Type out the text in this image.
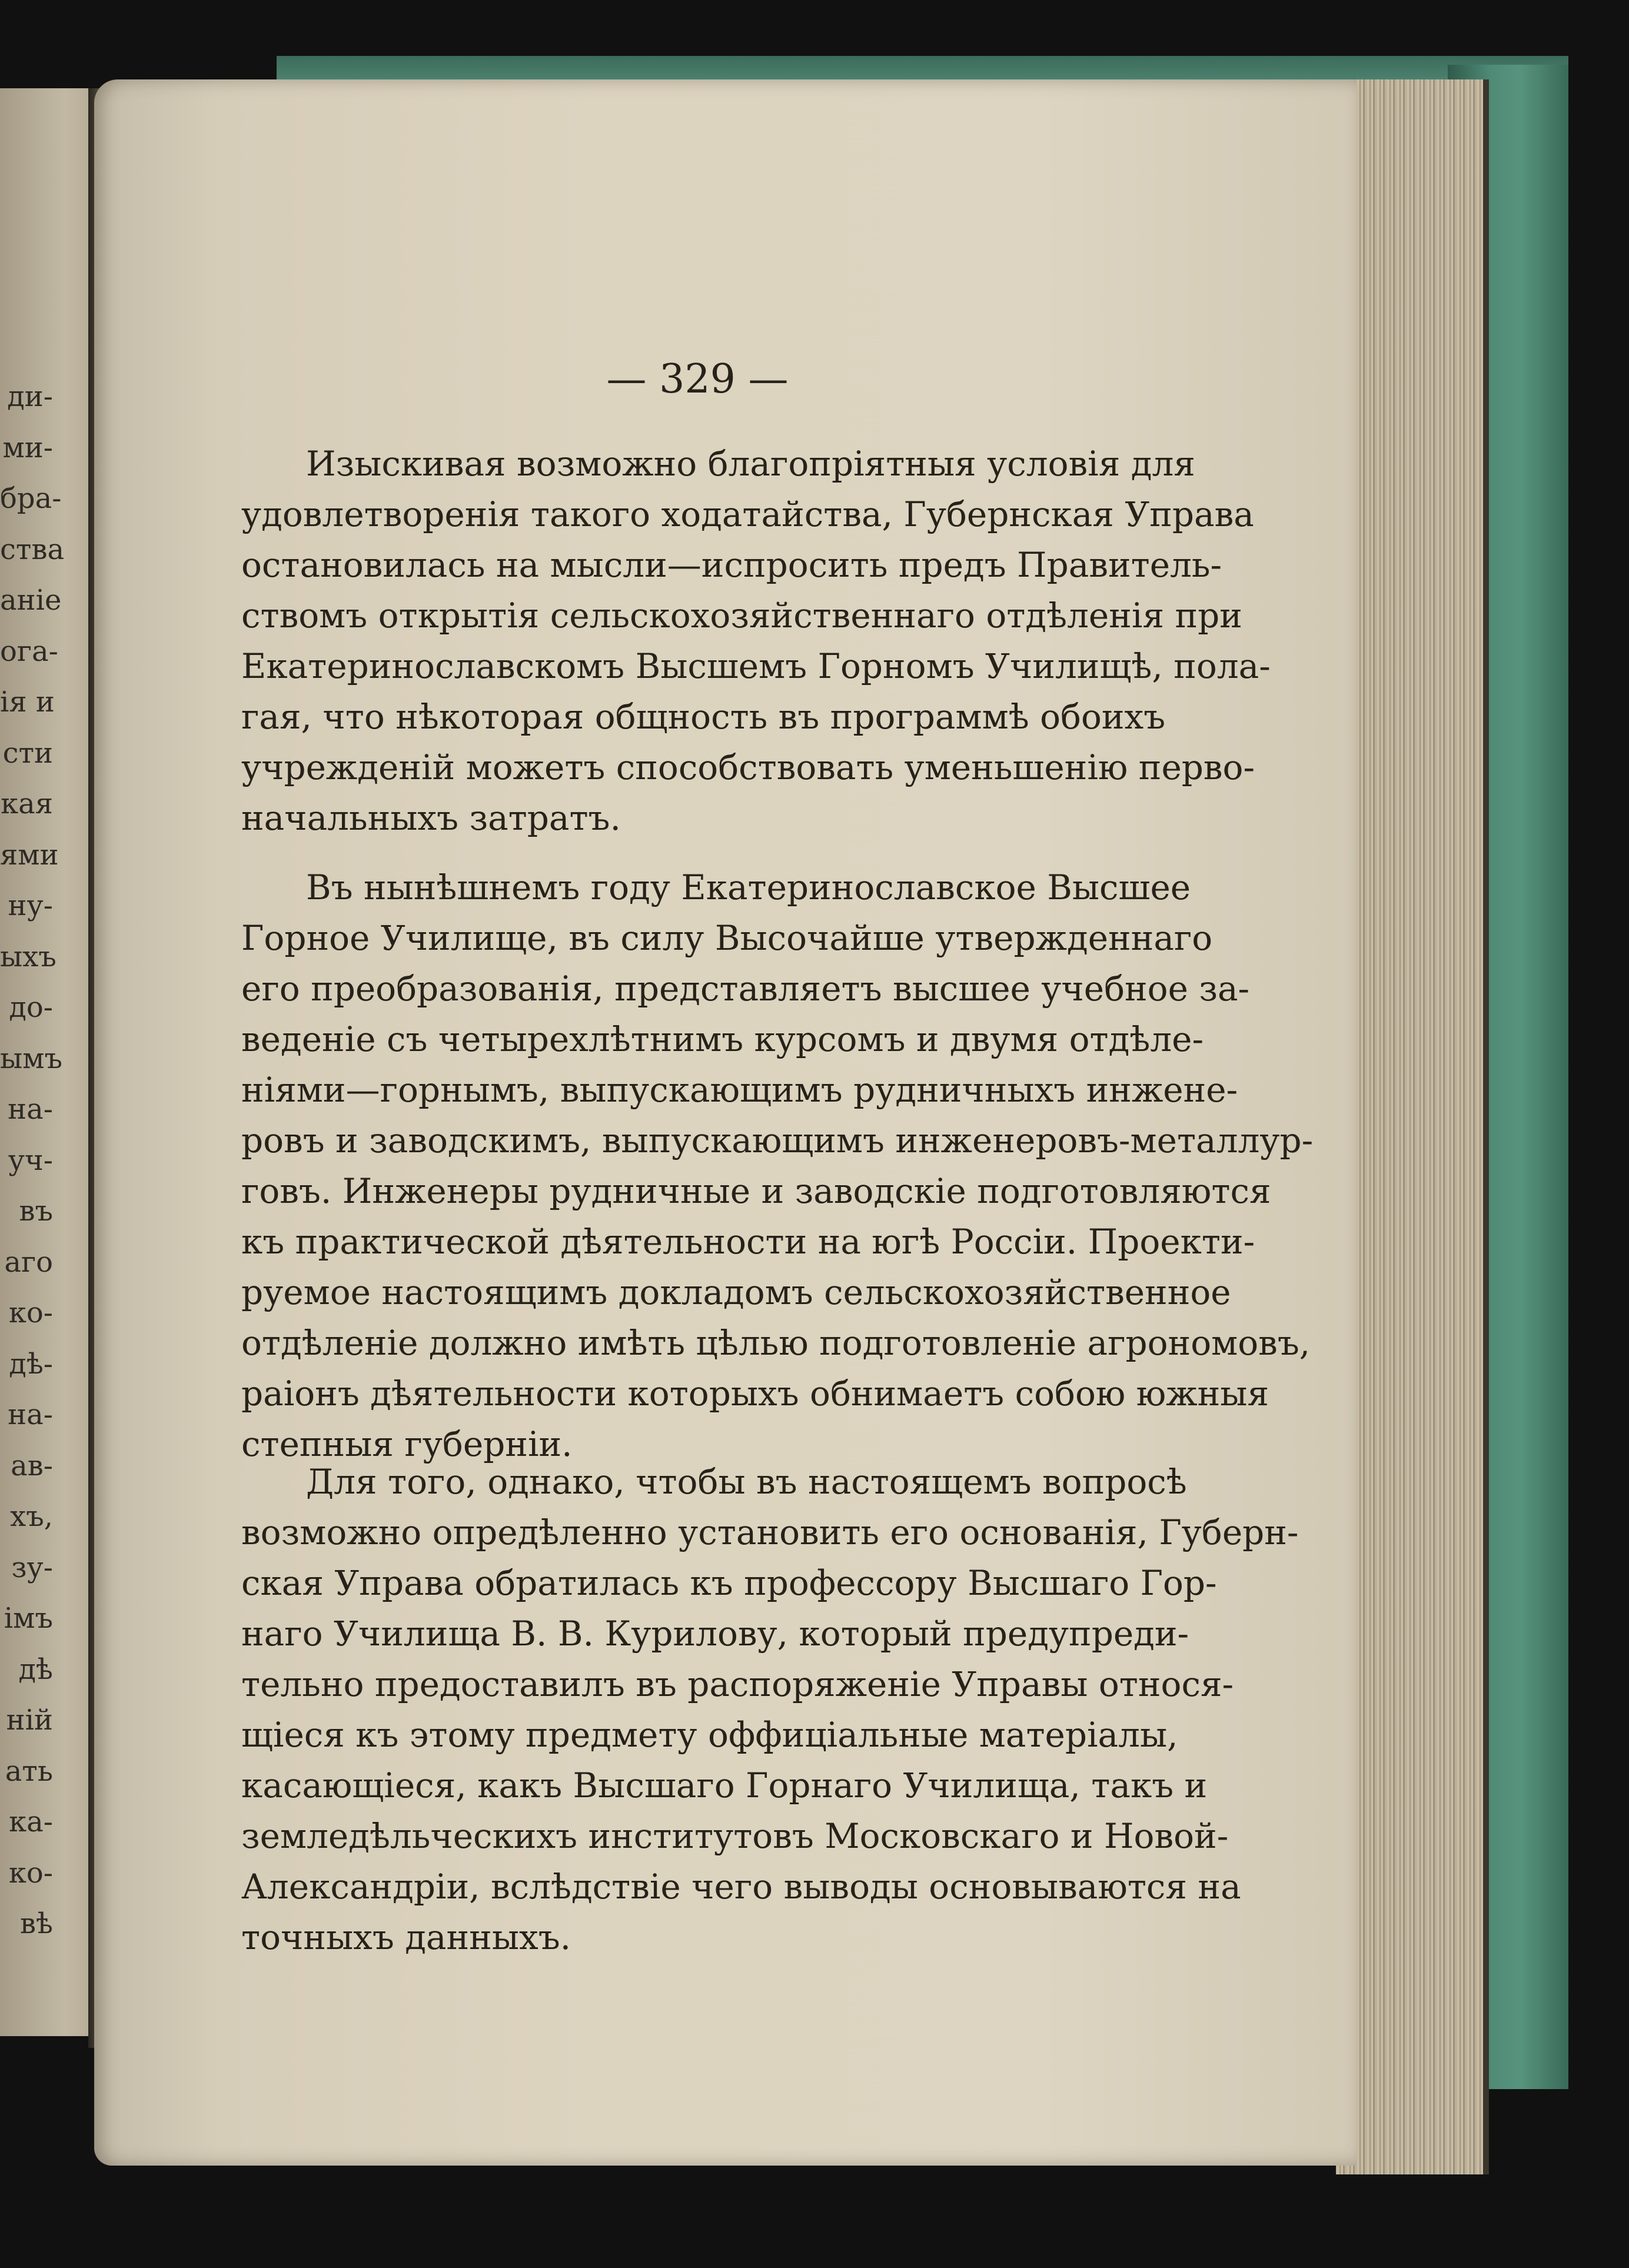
ди-
ми-
бра-
ства
аніе
ога-
ія и
сти
кая
ями
ну-
ыхъ
до-
ымъ
на-
уч-
въ
аго
ко-
дѣ-
на-
ав-
хъ,
зу-
імъ
дѣ
ній
ать
ка-
ко-
вѣ
— 329 —
Изыскивая возможно благопріятныя условія для
удовлетворенія такого ходатайства, Губернская Управа
остановилась на мысли—испросить предъ Правитель-
ствомъ открытія сельскохозяйственнаго отдѣленія при
Екатеринославскомъ Высшемъ Горномъ Училищѣ, пола-
гая, что нѣкоторая общность въ программѣ обоихъ
учрежденій можетъ способствовать уменьшенію перво-
начальныхъ затратъ.
Въ нынѣшнемъ году Екатеринославское Высшее
Горное Училище, въ силу Высочайше утвержденнаго
его преобразованія, представляетъ высшее учебное за-
веденіе съ четырехлѣтнимъ курсомъ и двумя отдѣле-
ніями—горнымъ, выпускающимъ рудничныхъ инжене-
ровъ и заводскимъ, выпускающимъ инженеровъ-металлур-
говъ. Инженеры рудничные и заводскіе подготовляются
къ практической дѣятельности на югѣ Россіи. Проекти-
руемое настоящимъ докладомъ сельскохозяйственное
отдѣленіе должно имѣть цѣлью подготовленіе агрономовъ,
раіонъ дѣятельности которыхъ обнимаетъ собою южныя
степныя губерніи.
Для того, однако, чтобы въ настоящемъ вопросѣ
возможно опредѣленно установить его основанія, Губерн-
ская Управа обратилась къ профессору Высшаго Гор-
наго Училища В. В. Курилову, который предупреди-
тельно предоставилъ въ распоряженіе Управы относя-
щіеся къ этому предмету оффиціальные матеріалы,
касающіеся, какъ Высшаго Горнаго Училища, такъ и
земледѣльческихъ институтовъ Московскаго и Новой-
Александріи, вслѣдствіе чего выводы основываются на
точныхъ данныхъ.
